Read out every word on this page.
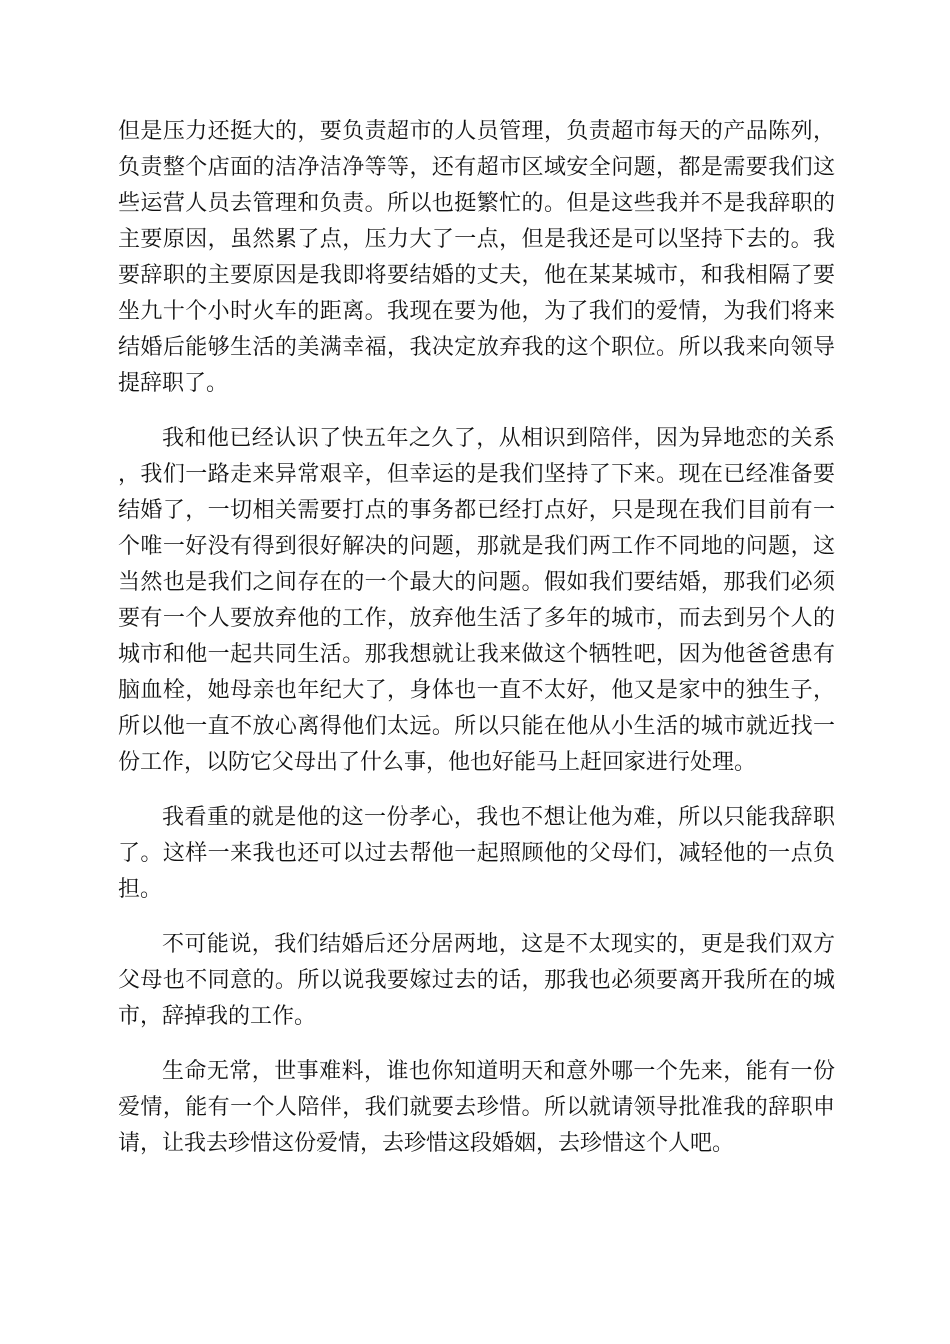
但是压力还挺大的，要负责超市的人员管理，负责超市每天的产品陈列，负责整个店面的洁净洁净等等，还有超市区域安全问题，都是需要我们这些运营人员去管理和负责。所以也挺繁忙的。但是这些我并不是我辞职的主要原因，虽然累了点，压力大了一点，但是我还是可以坚持下去的。我要辞职的主要原因是我即将要结婚的丈夫，他在某某城市，和我相隔了要坐九十个小时火车的距离。我现在要为他，为了我们的爱情，为我们将来结婚后能够生活的美满幸福，我决定放弃我的这个职位。所以我来向领导提辞职了。

我和他已经认识了快五年之久了，从相识到陪伴，因为异地恋的关系，我们一路走来异常艰辛，但幸运的是我们坚持了下来。现在已经准备要结婚了，一切相关需要打点的事务都已经打点好，只是现在我们目前有一个唯一好没有得到很好解决的问题，那就是我们两工作不同地的问题，这当然也是我们之间存在的一个最大的问题。假如我们要结婚，那我们必须要有一个人要放弃他的工作，放弃他生活了多年的城市，而去到另个人的城市和他一起共同生活。那我想就让我来做这个牺牲吧，因为他爸爸患有脑血栓，她母亲也年纪大了，身体也一直不太好，他又是家中的独生子，所以他一直不放心离得他们太远。所以只能在他从小生活的城市就近找一份工作，以防它父母出了什么事，他也好能马上赶回家进行处理。

我看重的就是他的这一份孝心，我也不想让他为难，所以只能我辞职了。这样一来我也还可以过去帮他一起照顾他的父母们，减轻他的一点负担。

不可能说，我们结婚后还分居两地，这是不太现实的，更是我们双方父母也不同意的。所以说我要嫁过去的话，那我也必须要离开我所在的城市，辞掉我的工作。

生命无常，世事难料，谁也你知道明天和意外哪一个先来，能有一份爱情，能有一个人陪伴，我们就要去珍惜。所以就请领导批准我的辞职申请，让我去珍惜这份爱情，去珍惜这段婚姻，去珍惜这个人吧。
